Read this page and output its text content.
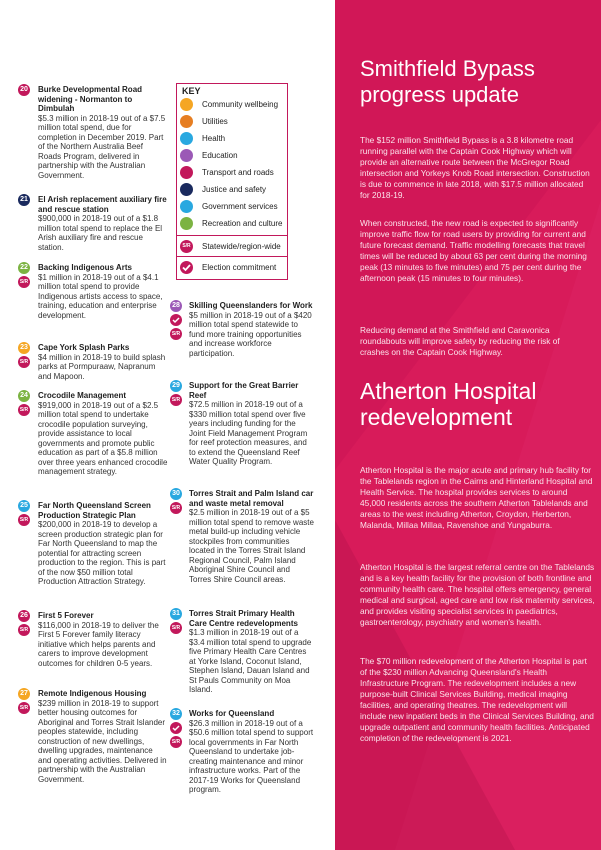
20 Burke Developmental Road widening - Normanton to Dimbulah
$5.3 million in 2018-19 out of a $7.5 million total spend, due for completion in December 2019. Part of the Northern Australia Beef Roads Program, delivered in partnership with the Australian Government.
21 El Arish replacement auxiliary fire and rescue station
$900,000 in 2018-19 out of a $1.8 million total spend to replace the El Arish auxiliary fire and rescue station.
22
S/R
Backing Indigenous Arts
$1 million in 2018-19 out of a $4.1 million total spend to provide Indigenous artists access to space, training, education and enterprise development.
23
S/R
Cape York Splash Parks
$4 million in 2018-19 to build splash parks at Pormpuraaw, Napranum and Mapoon.
24
S/R
Crocodile Management
$919,000 in 2018-19 out of a $2.5 million total spend to undertake crocodile population surveying, provide assistance to local governments and promote public education as part of a $5.8 million over three years enhanced crocodile management strategy.
25
S/R
Far North Queensland Screen Production Strategic Plan
$200,000 in 2018-19 to develop a screen production strategic plan for Far North Queensland to map the potential for attracting screen production to the region. This is part of the now $50 million total Production Attraction Strategy.
26
S/R
First 5 Forever
$116,000 in 2018-19 to deliver the First 5 Forever family literacy initiative which helps parents and carers to improve development outcomes for children 0-5 years.
27
S/R
Remote Indigenous Housing
$239 million in 2018-19 to support better housing outcomes for Aboriginal and Torres Strait Islander peoples statewide, including construction of new dwellings, dwelling upgrades, maintenance and operating activities. Delivered in partnership with the Australian Government.
KEY
Community wellbeing
Utilities
Health
Education
Transport and roads
Justice and safety
Government services
Recreation and culture
S/R Statewide/region-wide
Election commitment
28
S/R
Skilling Queenslanders for Work
$5 million in 2018-19 out of a $420 million total spend statewide to fund more training opportunities and increase workforce participation.
29
S/R
Support for the Great Barrier Reef
$72.5 million in 2018-19 out of a $330 million total spend over five years including funding for the Joint Field Management Program for reef protection measures, and to extend the Queensland Reef Water Quality Program.
30
S/R
Torres Strait and Palm Island car and waste metal removal
$2.5 million in 2018-19 out of a $5 million total spend to remove waste metal build-up including vehicle stockpiles from communities located in the Torres Strait Island Regional Council, Palm Island Aboriginal Shire Council and Torres Shire Council areas.
31
S/R
Torres Strait Primary Health Care Centre redevelopments
$1.3 million in 2018-19 out of a $3.4 million total spend to upgrade five Primary Health Care Centres at Yorke Island, Coconut Island, Stephen Island, Dauan Island and St Pauls Community on Moa Island.
32
S/R
Works for Queensland
$26.3 million in 2018-19 out of a $50.6 million total spend to support local governments in Far North Queensland to undertake job-creating maintenance and minor infrastructure works. Part of the 2017-19 Works for Queensland program.
Smithfield Bypass progress update
The $152 million Smithfield Bypass is a 3.8 kilometre road running parallel with the Captain Cook Highway which will provide an alternative route between the McGregor Road intersection and Yorkeys Knob Road intersection. Construction is due to commence in late 2018, with $17.5 million allocated for 2018-19.
When constructed, the new road is expected to significantly improve traffic flow for road users by providing for current and future forecast demand. Traffic modelling forecasts that travel times will be reduced by about 63 per cent during the morning peak (13 minutes to five minutes) and 75 per cent during the afternoon peak (15 minutes to four minutes).
Reducing demand at the Smithfield and Caravonica roundabouts will improve safety by reducing the risk of crashes on the Captain Cook Highway.
Atherton Hospital redevelopment
Atherton Hospital is the major acute and primary hub facility for the Tablelands region in the Cairns and Hinterland Hospital and Health Service. The hospital provides services to around 45,000 residents across the southern Atherton Tablelands and areas to the west including Atherton, Croydon, Herberton, Malanda, Millaa Millaa, Ravenshoe and Yungaburra.
Atherton Hospital is the largest referral centre on the Tablelands and is a key health facility for the provision of both frontline and community health care. The hospital offers emergency, general medical and surgical, aged care and low risk maternity services, and provides visiting specialist services in paediatrics, gastroenterology, psychiatry and women's health.
The $70 million redevelopment of the Atherton Hospital is part of the $230 million Advancing Queensland's Health Infrastructure Program. The redevelopment includes a new purpose-built Clinical Services Building, medical imaging facilities, and operating theatres. The redevelopment will include new inpatient beds in the Clinical Services Building, and upgrade outpatient and community health facilities. Anticipated completion of the redevelopment is 2021.
